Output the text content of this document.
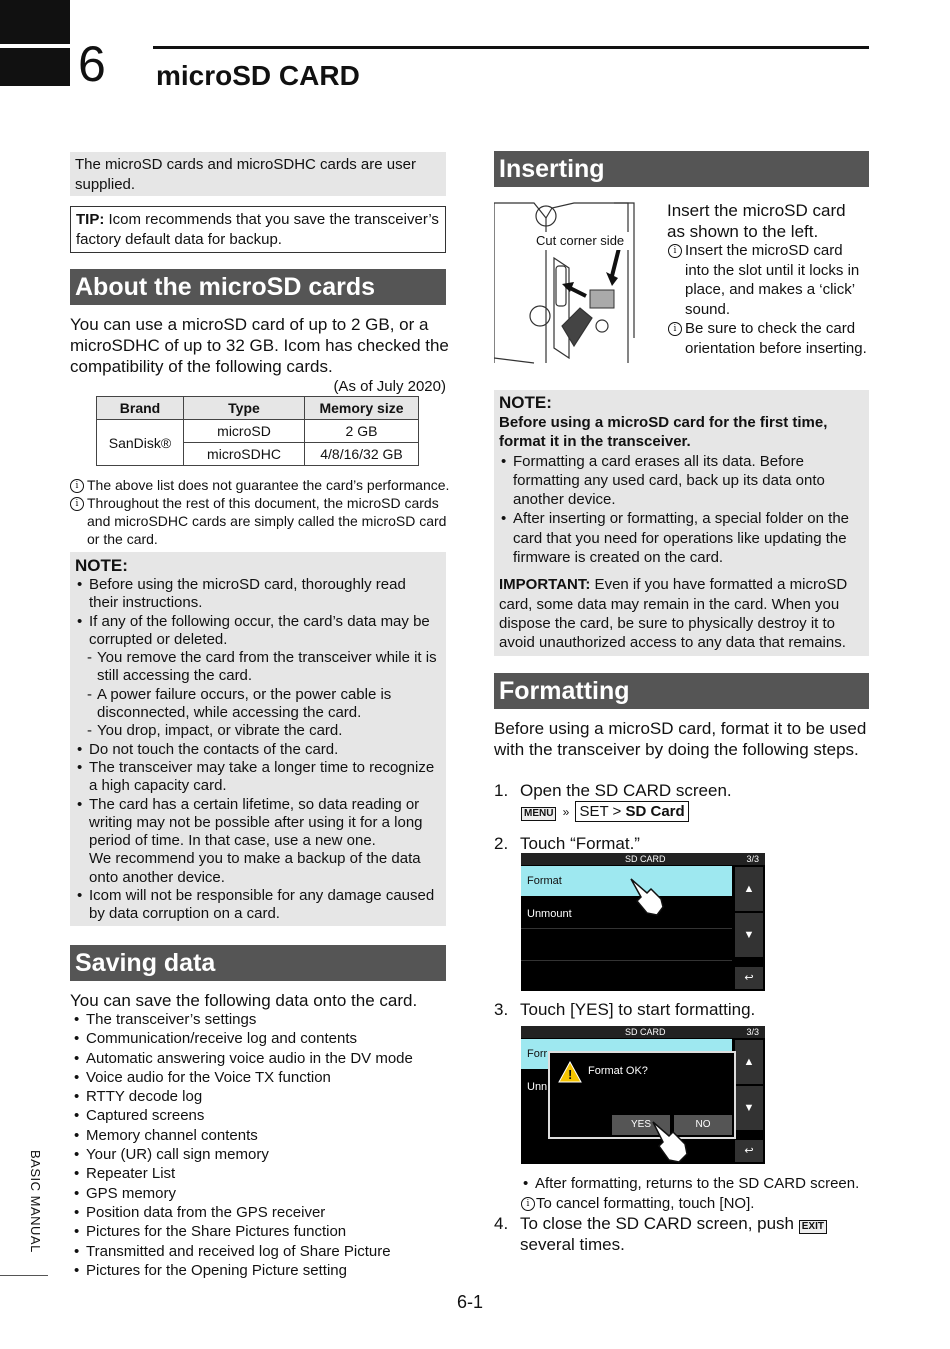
6 microSD CARD
The microSD cards and microSDHC cards are user supplied.
TIP: Icom recommends that you save the transceiver’s factory default data for backup.
About the microSD cards
You can use a microSD card of up to 2 GB, or a microSDHC of up to 32 GB. Icom has checked the compatibility of the following cards.
(As of July 2020)
Brand	Type	Memory size
SanDisk®	microSD	2 GB
	microSDHC	4/8/16/32 GB
i The above list does not guarantee the card’s performance.
i Throughout the rest of this document, the microSD cards and microSDHC cards are simply called the microSD card or the card.
NOTE:
• Before using the microSD card, thoroughly read their instructions.
• If any of the following occur, the card’s data may be corrupted or deleted.
- You remove the card from the transceiver while it is still accessing the card.
- A power failure occurs, or the power cable is disconnected, while accessing the card.
- You drop, impact, or vibrate the card.
• Do not touch the contacts of the card.
• The transceiver may take a longer time to recognize a high capacity card.
• The card has a certain lifetime, so data reading or writing may not be possible after using it for a long period of time. In that case, use a new one.
We recommend you to make a backup of the data onto another device.
• Icom will not be responsible for any damage caused by data corruption on a card.
Saving data
You can save the following data onto the card.
• The transceiver’s settings
• Communication/receive log and contents
• Automatic answering voice audio in the DV mode
• Voice audio for the Voice TX function
• RTTY decode log
• Captured screens
• Memory channel contents
• Your (UR) call sign memory
• Repeater List
• GPS memory
• Position data from the GPS receiver
• Pictures for the Share Pictures function
• Transmitted and received log of Share Picture
• Pictures for the Opening Picture setting
BASIC MANUAL
Inserting
Cut corner side
Insert the microSD card as shown to the left.
i Insert the microSD card into the slot until it locks in place, and makes a ‘click’ sound.
i Be sure to check the card orientation before inserting.
NOTE:
Before using a microSD card for the first time, format it in the transceiver.
• Formatting a card erases all its data. Before formatting any used card, back up its data onto another device.
• After inserting or formatting, a special folder on the card that you need for operations like updating the firmware is created on the card.
IMPORTANT: Even if you have formatted a microSD card, some data may remain in the card. When you dispose the card, be sure to physically destroy it to avoid unauthorized access to any data that remains.
Formatting
Before using a microSD card, format it to be used with the transceiver by doing the following steps.
1. Open the SD CARD screen.
MENU » SET > SD Card
2. Touch “Format.”
SD CARD	3/3
Format
Unmount
▲
▼
↩
3. Touch [YES] to start formatting.
SD CARD	3/3
Forr
Unn
▲
▼
↩
! Format OK?
YES	NO
• After formatting, returns to the SD CARD screen.
i To cancel formatting, touch [NO].
4. To close the SD CARD screen, push EXIT
several times.
6-1
